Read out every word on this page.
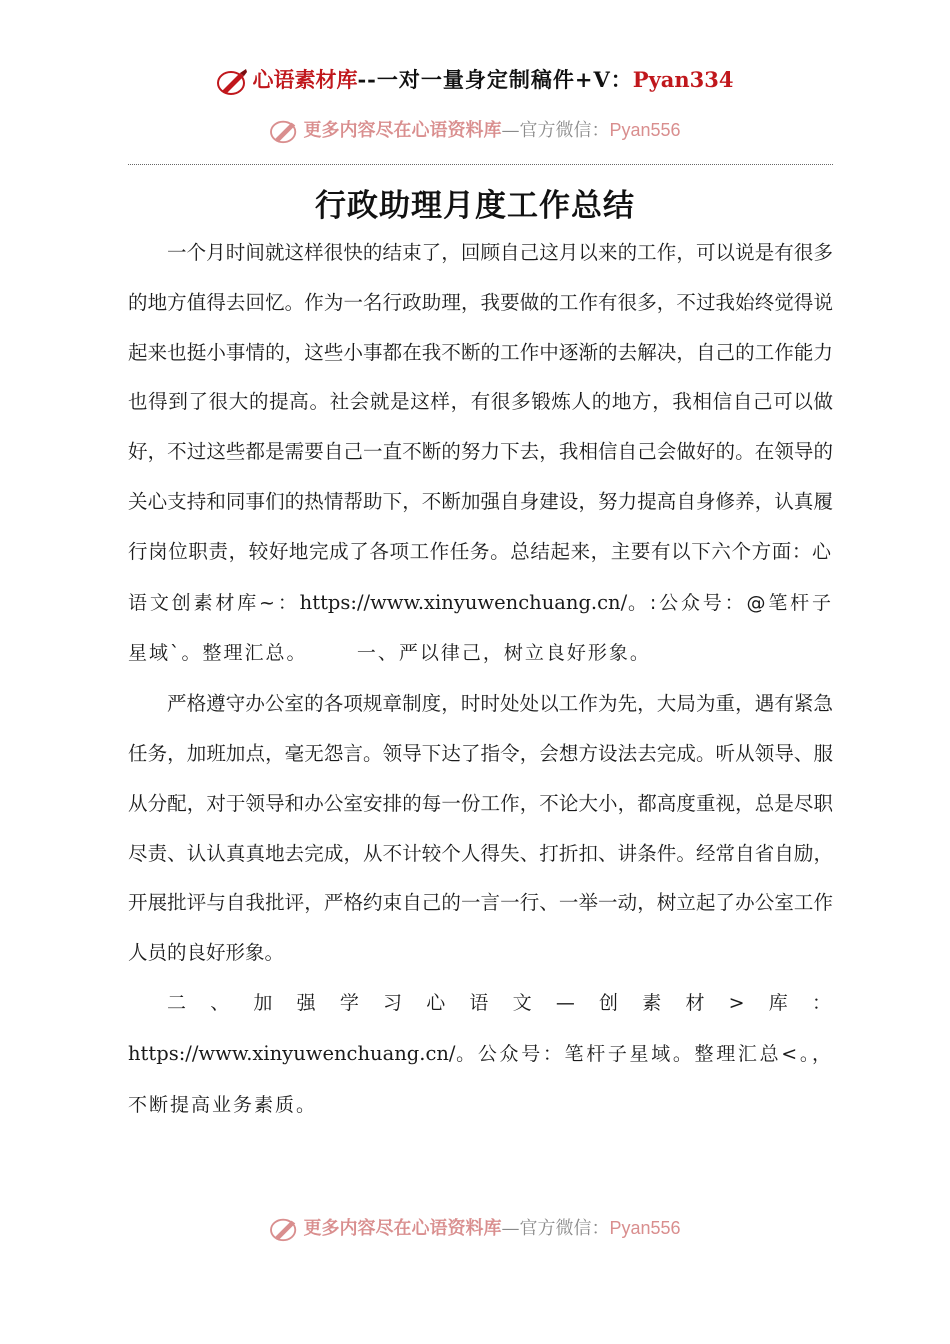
心语素材库--一对一量身定制稿件+V：Pyan334
更多内容尽在心语资料库—官方微信：Pyan556
行政助理月度工作总结

一个月时间就这样很快的结束了，回顾自己这月以来的工作，可以说是有很多的地方值得去回忆。作为一名行政助理，我要做的工作有很多，不过我始终觉得说起来也挺小事情的，这些小事都在我不断的工作中逐渐的去解决，自己的工作能力也得到了很大的提高。社会就是这样，有很多锻炼人的地方，我相信自己可以做好，不过这些都是需要自己一直不断的努力下去，我相信自己会做好的。在领导的关心支持和同事们的热情帮助下，不断加强自身建设，努力提高自身修养，认真履行岗位职责，较好地完成了各项工作任务。总结起来，主要有以下六个方面：心语文创素材库~：https://www.xinyuwenchuang.cn/。:公众号：@笔杆子星域`。整理汇总。	一、严以律己，树立良好形象。

严格遵守办公室的各项规章制度，时时处处以工作为先，大局为重，遇有紧急任务，加班加点，毫无怨言。领导下达了指令，会想方设法去完成。听从领导、服从分配，对于领导和办公室安排的每一份工作，不论大小，都高度重视，总是尽职尽责、认认真真地去完成，从不计较个人得失、打折扣、讲条件。经常自省自励，开展批评与自我批评，严格约束自己的一言一行、一举一动，树立起了办公室工作人员的良好形象。

二、加强学习心语文—创素材>库：https://www.xinyuwenchuang.cn/。公众号：笔杆子星域。整理汇总<。，不断提高业务素质。

更多内容尽在心语资料库—官方微信：Pyan556
